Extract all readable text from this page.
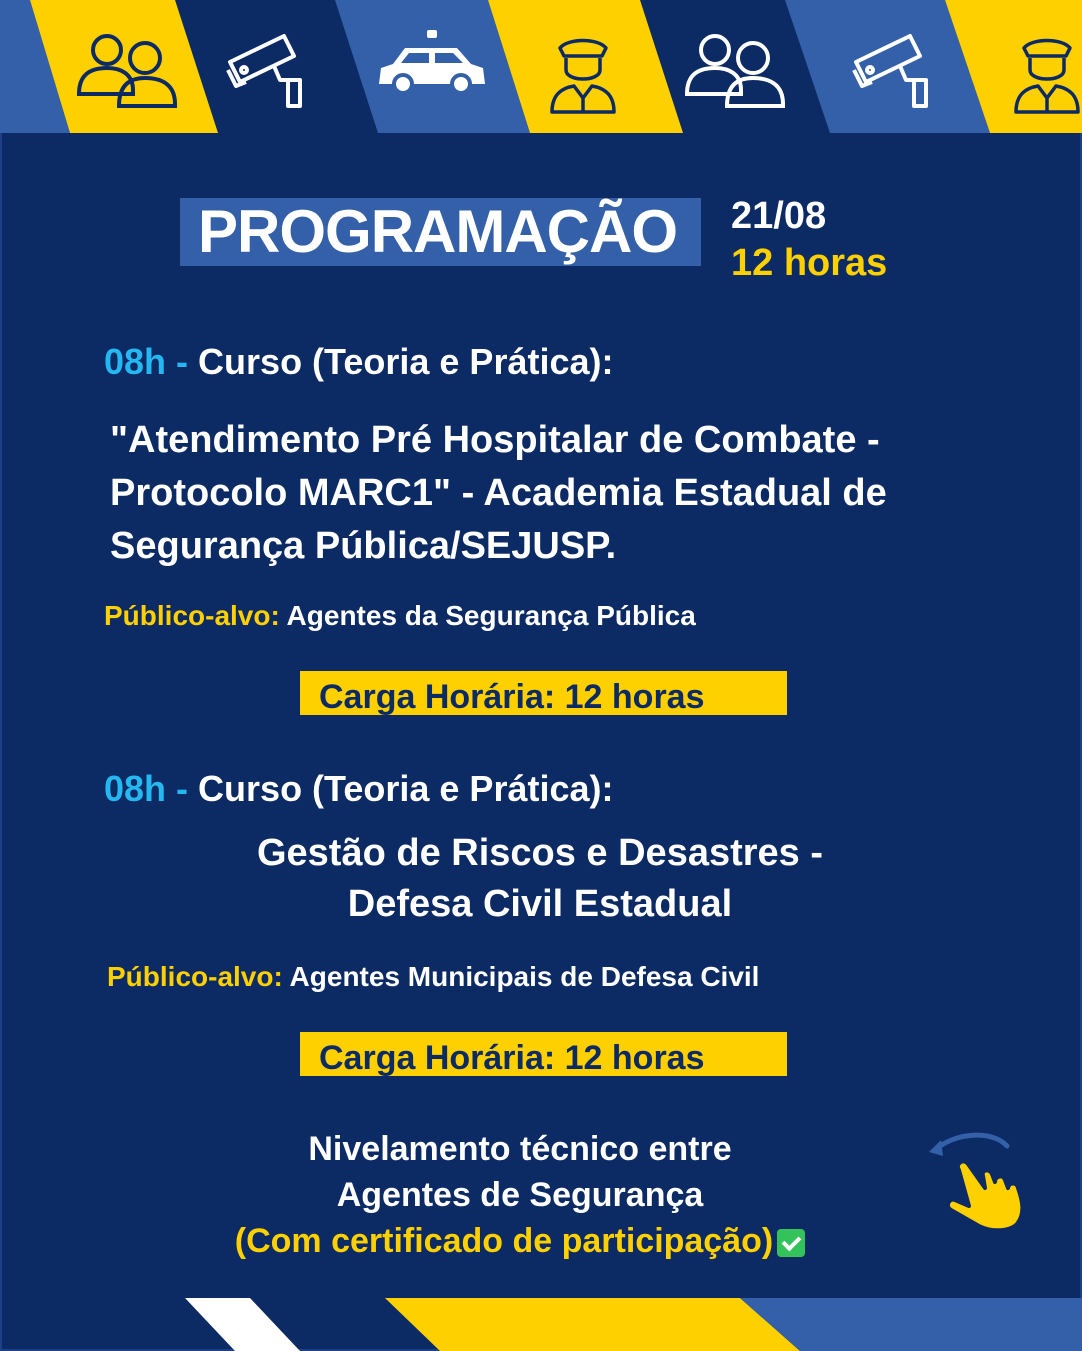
PROGRAMAÇÃO 21/08
12 horas
08h - Curso (Teoria e Prática):
"Atendimento Pré Hospitalar de Combate - Protocolo MARC1" - Academia Estadual de Segurança Pública/SEJUSP.
Público-alvo: Agentes da Segurança Pública
Carga Horária: 12 horas
08h - Curso (Teoria e Prática):
Gestão de Riscos e Desastres -
Defesa Civil Estadual
Público-alvo: Agentes Municipais de Defesa Civil
Carga Horária: 12 horas
Nivelamento técnico entre
Agentes de Segurança
(Com certificado de participação)
